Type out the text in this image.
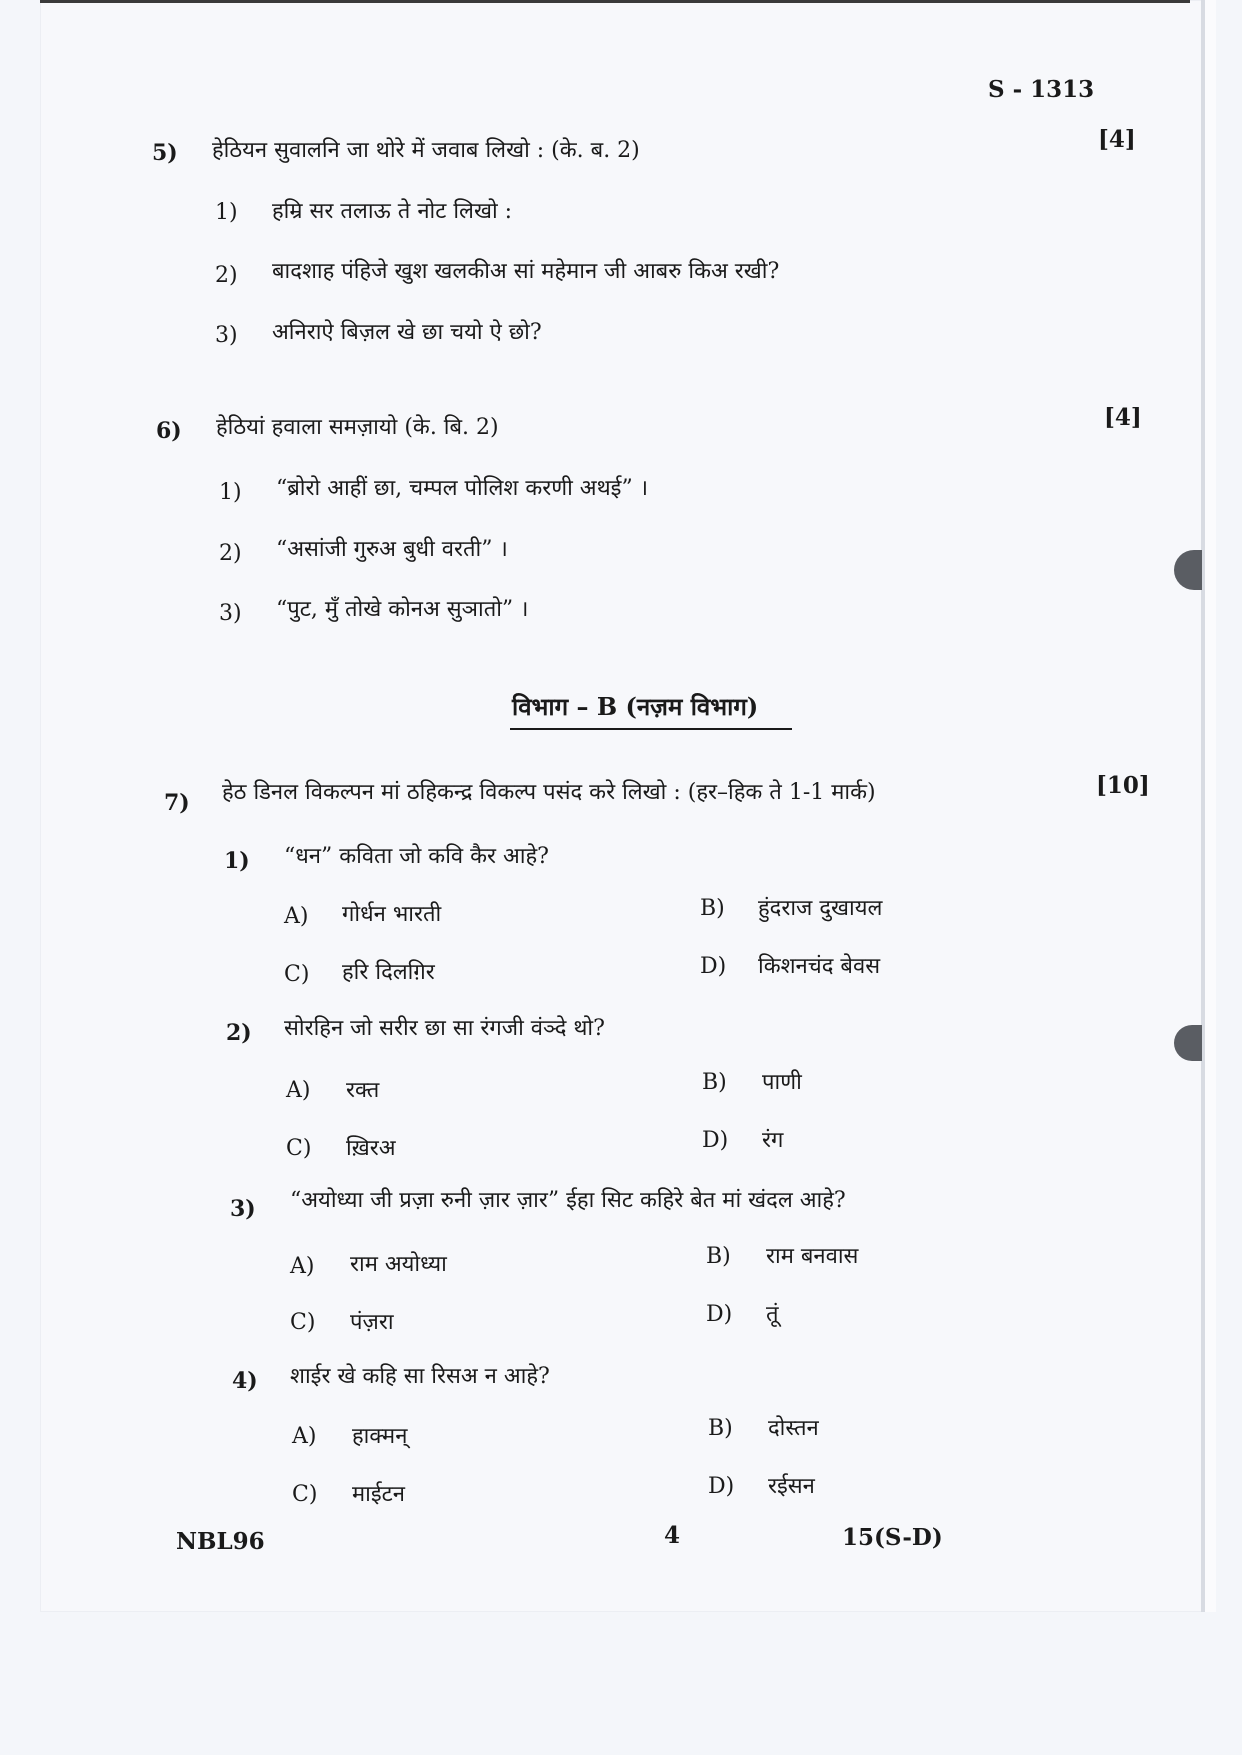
S - 1313
5) हेठियन सुवालनि जा थोरे में जवाब लिखो : (के. ब. 2)	[4]
1) हम्रि सर तलाऊ ते नोट लिखो :
2) बादशाह पंहिजे खुश खलकीअ सां महेमान जी आबरु किअ रखी?
3) अनिराऐ बिज़ल खे छा चयो ऐ छो?
6) हेठियां हवाला समज़ायो (के. बि. 2)	[4]
1) “ब्रोरो आहीं छा, चम्पल पोलिश करणी अथई” ।
2) “असांजी गुरुअ बुधी वरती” ।
3) “पुट, मुँ तोखे कोनअ सुञातो” ।
विभाग – B (नज़म विभाग)
7) हेठ डिनल विकल्पन मां ठहिकन्द्र विकल्प पसंद करे लिखो : (हर–हिक ते 1-1 मार्क)	[10]
1) “धन” कविता जो कवि कैर आहे?
A) गोर्धन भारती	B) हुंदराज दुखायल
C) हरि दिलग़िर	D) किशनचंद बेवस
2) सोरहिन जो सरीर छा सा रंगजी वंञ्दे थो?
A) रक्त	B) पाणी
C) ख़िरअ	D) रंग
3) “अयोध्या जी प्रज़ा रुनी ज़ार ज़ार” ईहा सिट कहिरे बेत मां खंदल आहे?
A) राम अयोध्या	B) राम बनवास
C) पंज़रा	D) तूं
4) शाईर खे कहि सा रिसअ न आहे?
A) हाक्मन्	B) दोस्तन
C) माईटन	D) रईसन
NBL96	4	15(S-D)
